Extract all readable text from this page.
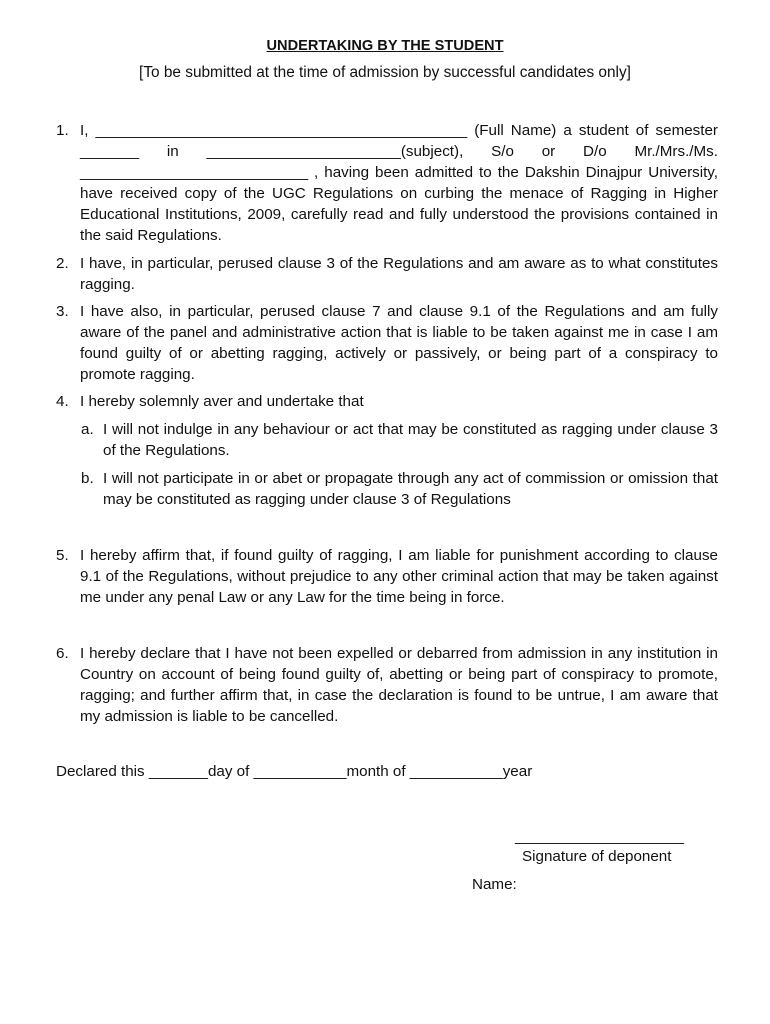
UNDERTAKING BY THE STUDENT
[To be submitted at the time of admission by successful candidates only]
1. I, ____________________________________________ (Full Name) a student of semester _______ in _______________________(subject), S/o or D/o Mr./Mrs./Ms. ___________________________ , having been admitted to the Dakshin Dinajpur University, have received copy of the UGC Regulations on curbing the menace of Ragging in Higher Educational Institutions, 2009, carefully read and fully understood the provisions contained in the said Regulations.
2. I have, in particular, perused clause 3 of the Regulations and am aware as to what constitutes ragging.
3. I have also, in particular, perused clause 7 and clause 9.1 of the Regulations and am fully aware of the panel and administrative action that is liable to be taken against me in case I am found guilty of or abetting ragging, actively or passively, or being part of a conspiracy to promote ragging.
4. I hereby solemnly aver and undertake that
a. I will not indulge in any behaviour or act that may be constituted as ragging under clause 3 of the Regulations.
b. I will not participate in or abet or propagate through any act of commission or omission that may be constituted as ragging under clause 3 of Regulations
5. I hereby affirm that, if found guilty of ragging, I am liable for punishment according to clause 9.1 of the Regulations, without prejudice to any other criminal action that may be taken against me under any penal Law or any Law for the time being in force.
6. I hereby declare that I have not been expelled or debarred from admission in any institution in Country on account of being found guilty of, abetting or being part of conspiracy to promote, ragging; and further affirm that, in case the declaration is found to be untrue, I am aware that my admission is liable to be cancelled.
Declared this _______day of ___________month of ___________year
____________________
Signature of deponent
Name:
